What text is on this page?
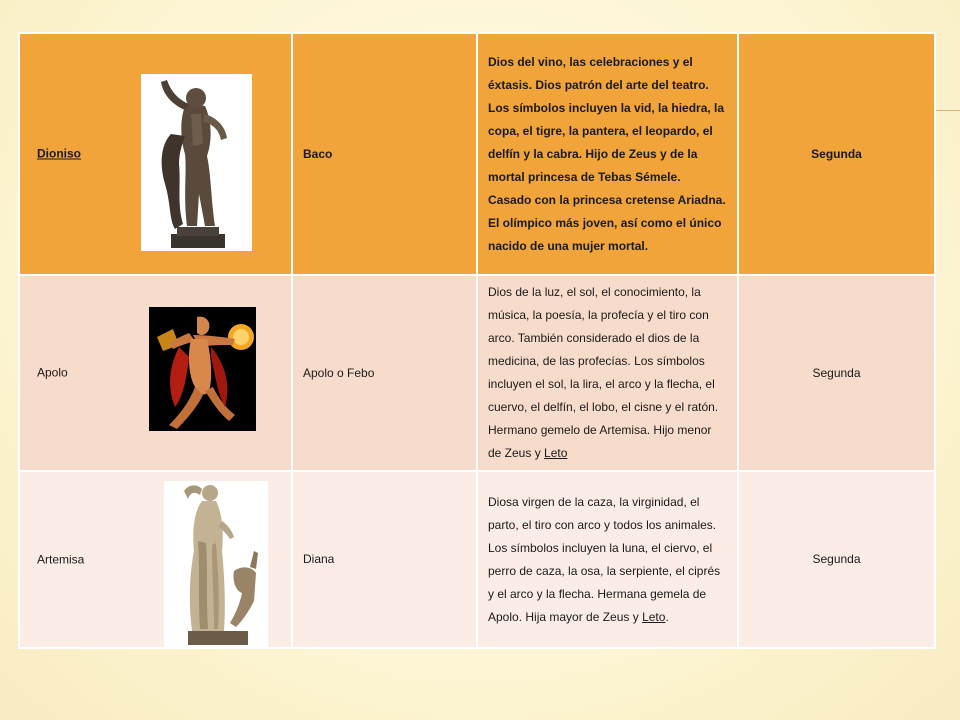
Dioniso	Baco	Dios del vino, las celebraciones y el éxtasis. Dios patrón del arte del teatro. Los símbolos incluyen la vid, la hiedra, la copa, el tigre, la pantera, el leopardo, el delfín y la cabra. Hijo de Zeus y de la mortal princesa de Tebas Sémele. Casado con la princesa cretense Ariadna. El olímpico más joven, así como el único nacido de una mujer mortal.	Segunda

Apolo	Apolo o Febo	Dios de la luz, el sol, el conocimiento, la música, la poesía, la profecía y el tiro con arco. También considerado el dios de la medicina, de las profecías. Los símbolos incluyen el sol, la lira, el arco y la flecha, el cuervo, el delfín, el lobo, el cisne y el ratón. Hermano gemelo de Artemisa. Hijo menor de Zeus y Leto	Segunda

Artemisa	Diana	Diosa virgen de la caza, la virginidad, el parto, el tiro con arco y todos los animales. Los símbolos incluyen la luna, el ciervo, el perro de caza, la osa, la serpiente, el ciprés y el arco y la flecha. Hermana gemela de Apolo. Hija mayor de Zeus y Leto.	Segunda
